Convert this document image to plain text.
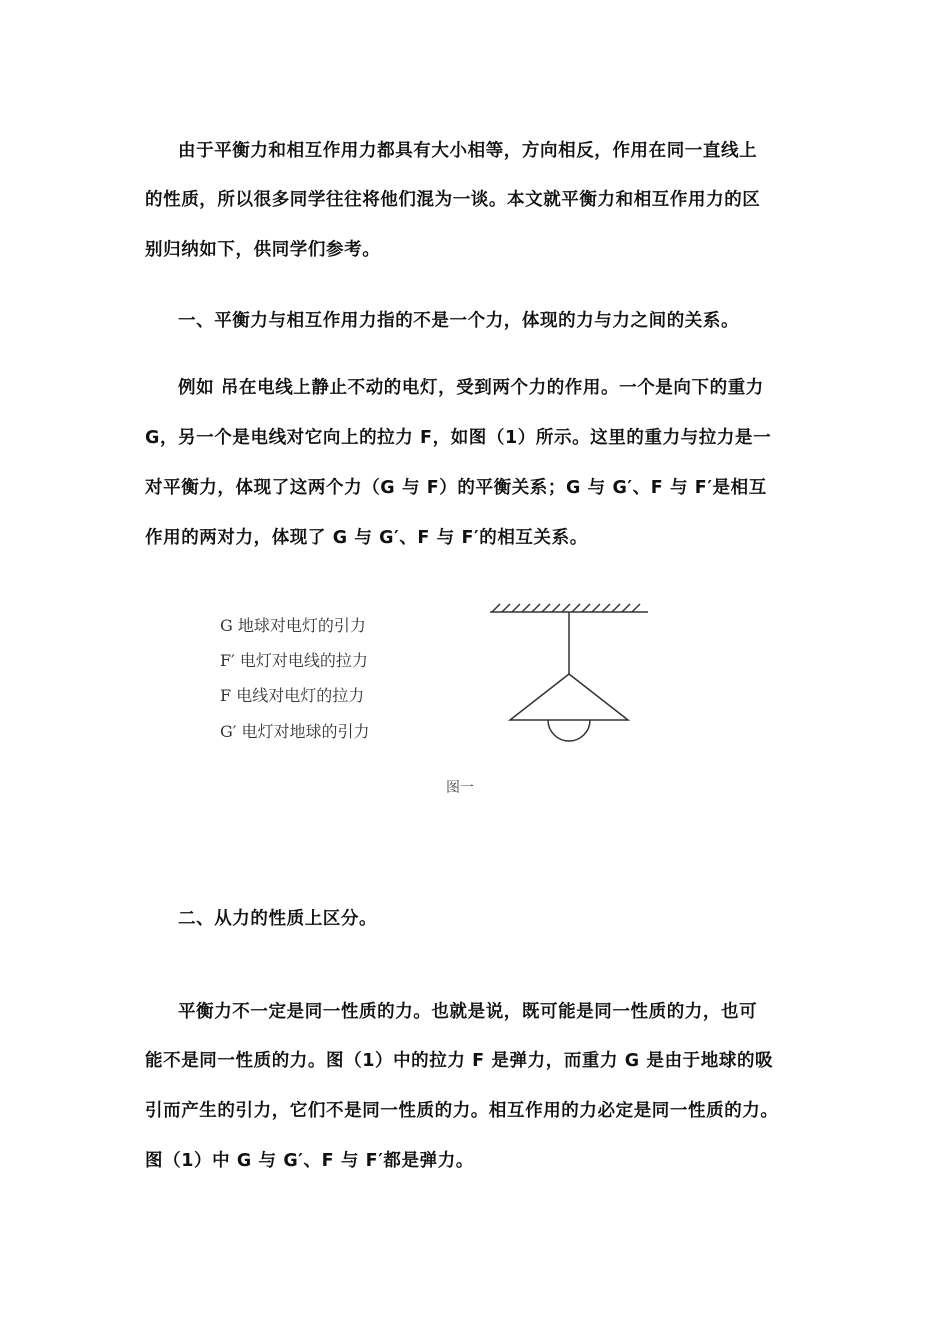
由于平衡力和相互作用力都具有大小相等，方向相反，作用在同一直线上
的性质，所以很多同学往往将他们混为一谈。本文就平衡力和相互作用力的区
别归纳如下，供同学们参考。
一、平衡力与相互作用力指的不是一个力，体现的力与力之间的关系。
例如 吊在电线上静止不动的电灯，受到两个力的作用。一个是向下的重力
G，另一个是电线对它向上的拉力 F，如图（1）所示。这里的重力与拉力是一
对平衡力，体现了这两个力（G 与 F）的平衡关系；G 与 G′、F 与 F′是相互
作用的两对力，体现了 G 与 G′、F 与 F′的相互关系。
G 地球对电灯的引力
F′ 电灯对电线的拉力
F 电线对电灯的拉力
G′ 电灯对地球的引力
图一
二、从力的性质上区分。
平衡力不一定是同一性质的力。也就是说，既可能是同一性质的力，也可
能不是同一性质的力。图（1）中的拉力 F 是弹力，而重力 G 是由于地球的吸
引而产生的引力，它们不是同一性质的力。相互作用的力必定是同一性质的力。
图（1）中 G 与 G′、F 与 F′都是弹力。
